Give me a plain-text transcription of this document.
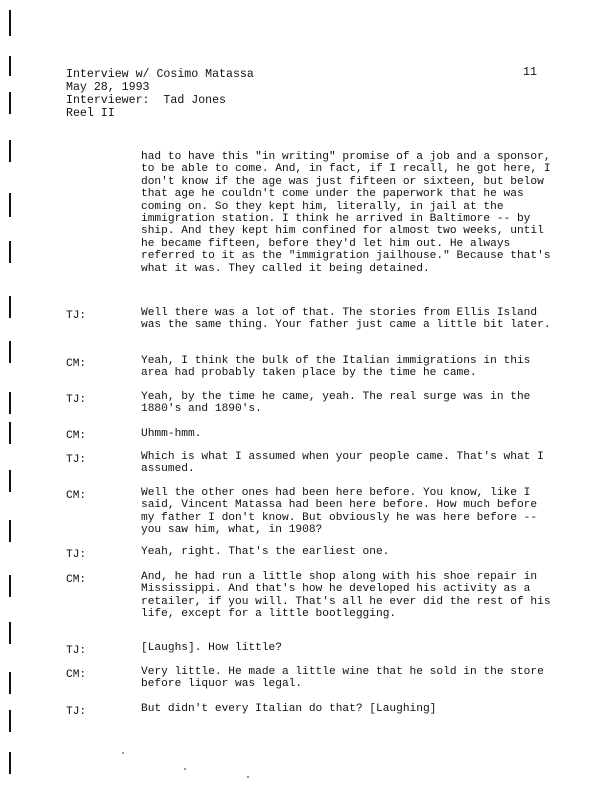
Interview w/ Cosimo Matassa
May 28, 1993
Interviewer:  Tad Jones
Reel II
11

had to have this "in writing" promise of a job and a sponsor, to be able to come. And, in fact, if I recall, he got here, I don't know if the age was just fifteen or sixteen, but below that age he couldn't come under the paperwork that he was coming on. So they kept him, literally, in jail at the immigration station. I think he arrived in Baltimore -- by ship. And they kept him confined for almost two weeks, until he became fifteen, before they'd let him out. He always referred to it as the "immigration jailhouse." Because that's what it was. They called it being detained.

TJ:	Well there was a lot of that. The stories from Ellis Island was the same thing. Your father just came a little bit later.

CM:	Yeah, I think the bulk of the Italian immigrations in this area had probably taken place by the time he came.

TJ:	Yeah, by the time he came, yeah. The real surge was in the 1880's and 1890's.

CM:	Uhmm-hmm.

TJ:	Which is what I assumed when your people came. That's what I assumed.

CM:	Well the other ones had been here before. You know, like I said, Vincent Matassa had been here before. How much before my father I don't know. But obviously he was here before -- you saw him, what, in 1908?

TJ:	Yeah, right. That's the earliest one.

CM:	And, he had run a little shop along with his shoe repair in Mississippi. And that's how he developed his activity as a retailer, if you will. That's all he ever did the rest of his life, except for a little bootlegging.

TJ:	[Laughs]. How little?

CM:	Very little. He made a little wine that he sold in the store before liquor was legal.

TJ:	But didn't every Italian do that? [Laughing]
